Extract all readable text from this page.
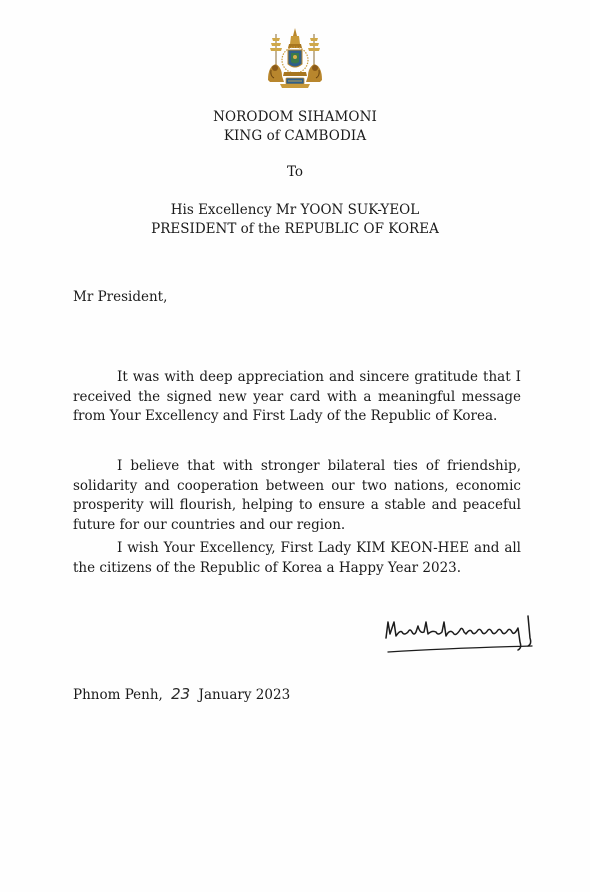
NORODOM SIHAMONI
KING of CAMBODIA
To
His Excellency Mr YOON SUK-YEOL
PRESIDENT of the REPUBLIC OF KOREA
Mr President,

It was with deep appreciation and sincere gratitude that I received the signed new year card with a meaningful message from Your Excellency and First Lady of the Republic of Korea.

I believe that with stronger bilateral ties of friendship, solidarity and cooperation between our two nations, economic prosperity will flourish, helping to ensure a stable and peaceful future for our countries and our region.

I wish Your Excellency, First Lady KIM KEON-HEE and all the citizens of the Republic of Korea a Happy Year 2023.

Phnom Penh, 23 January 2023
